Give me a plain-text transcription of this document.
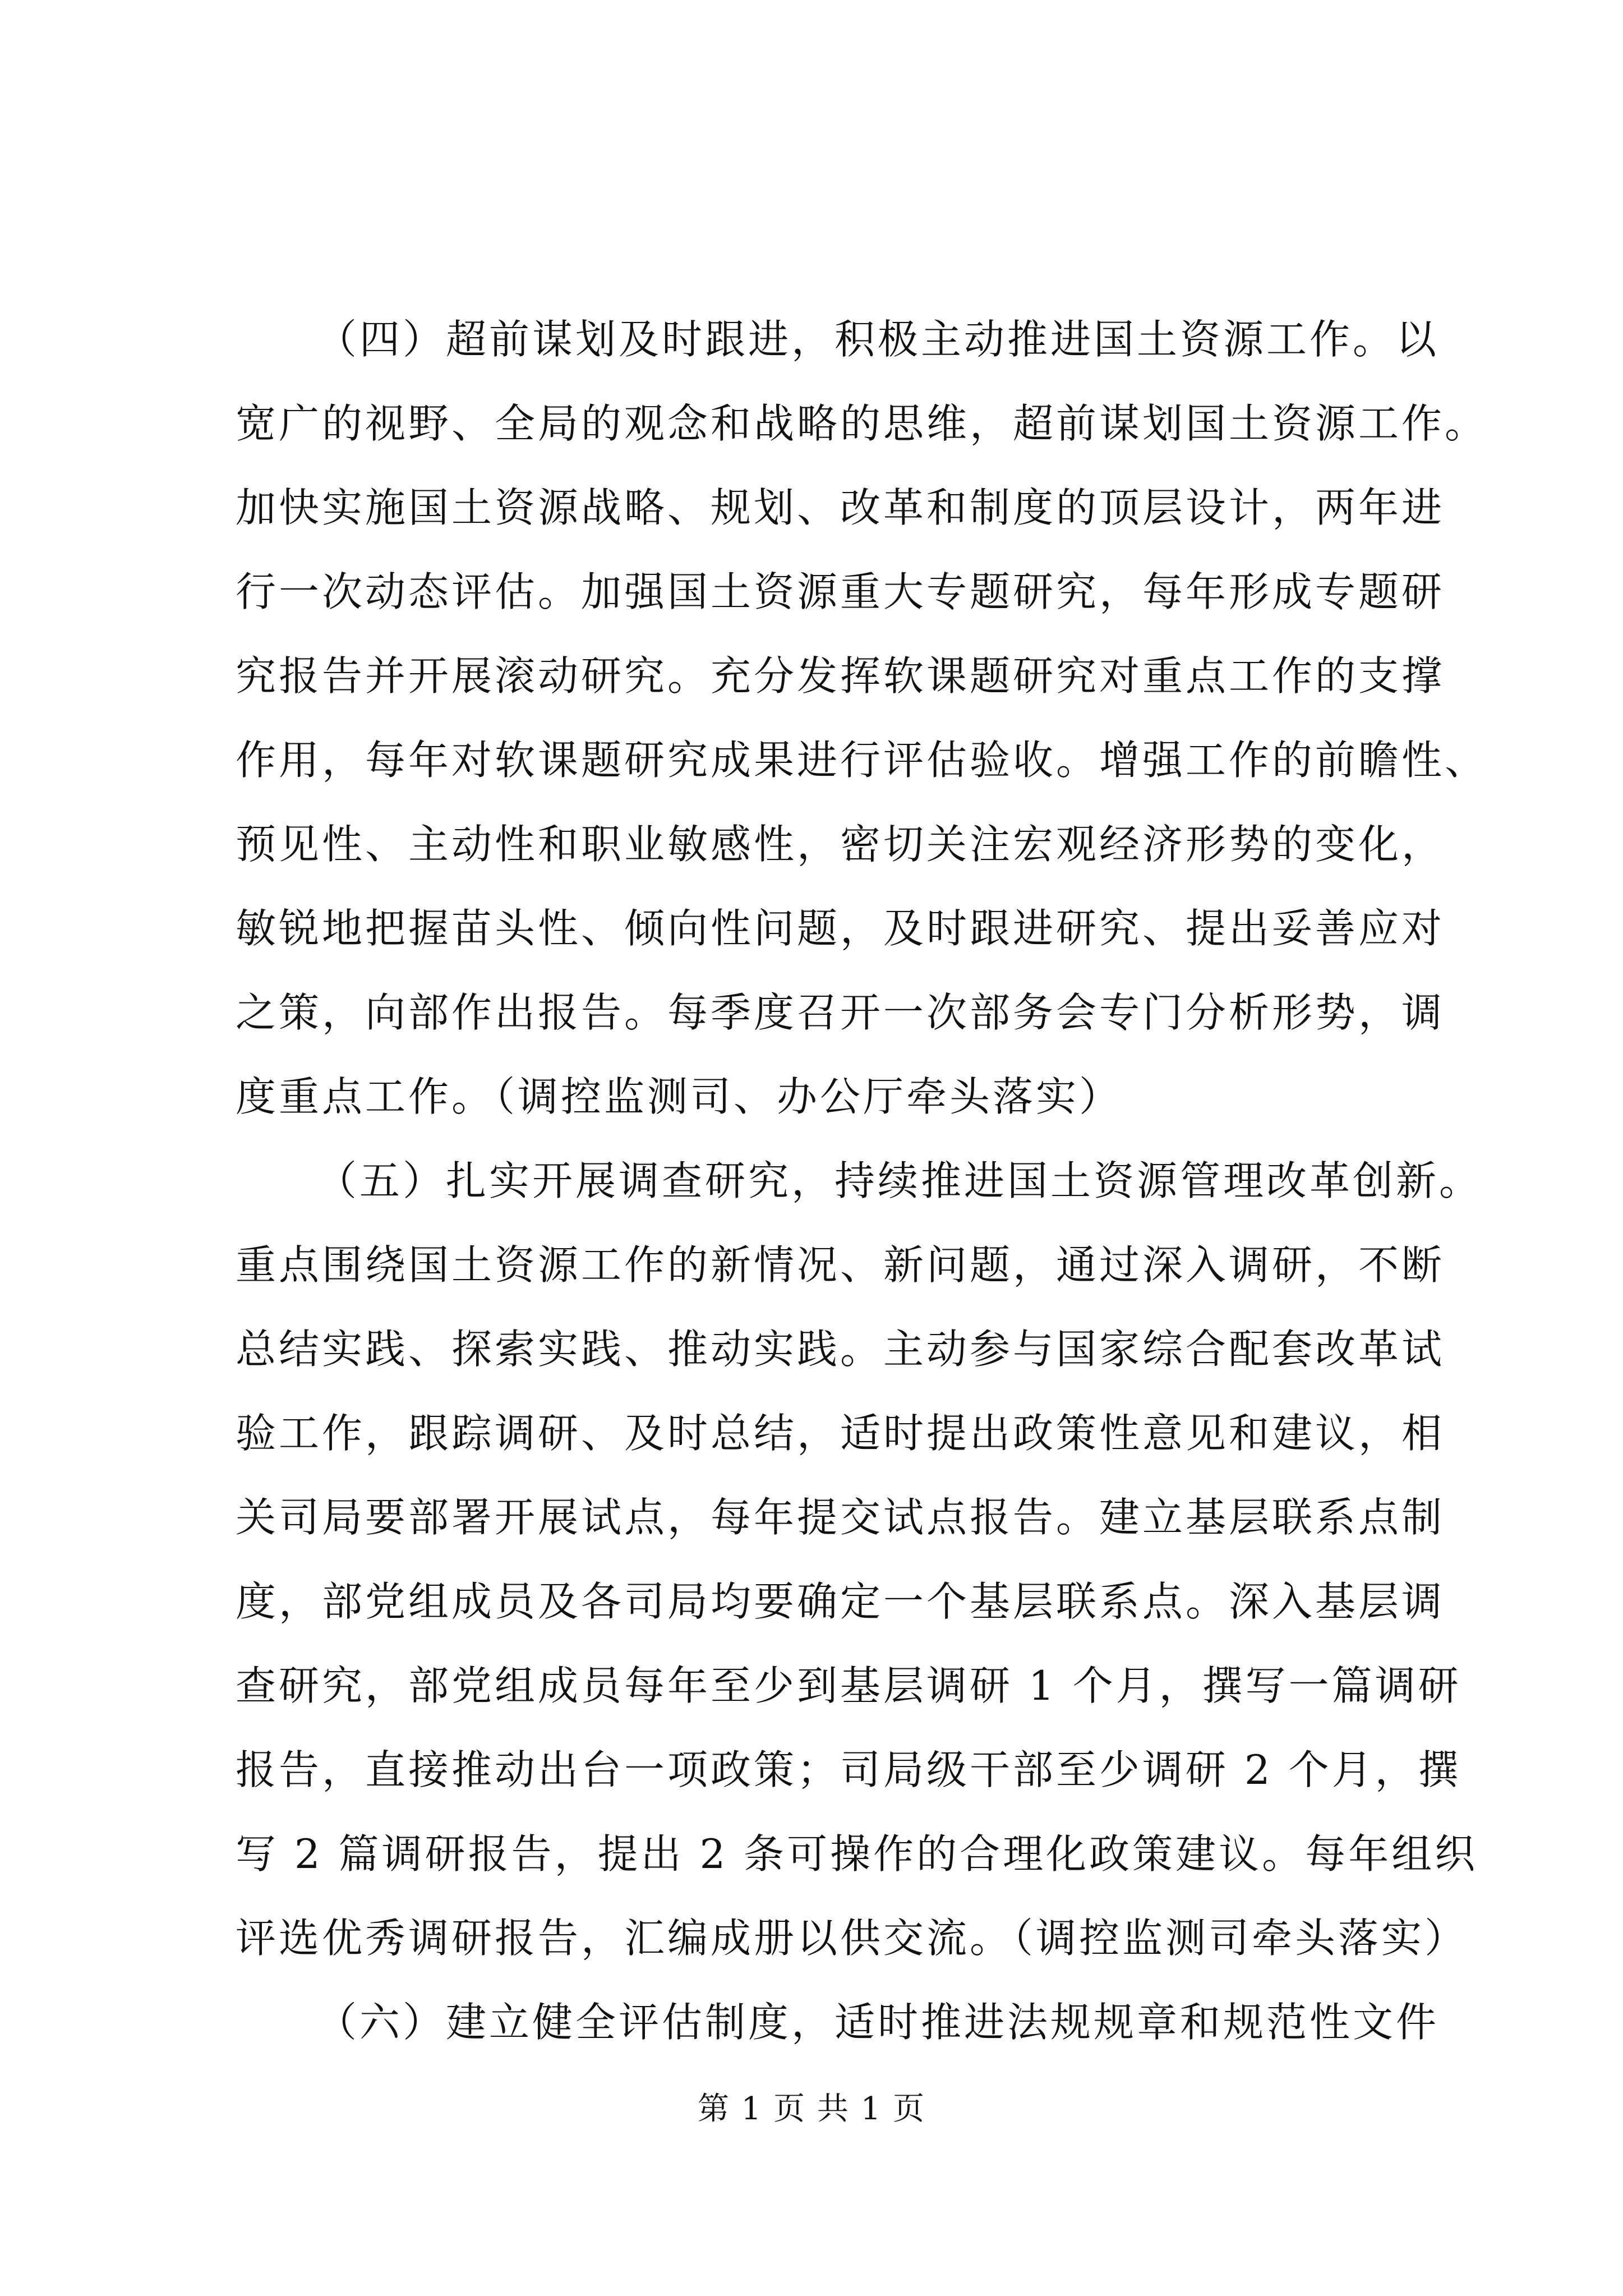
（四）超前谋划及时跟进，积极主动推进国土资源工作。以
宽广的视野、全局的观念和战略的思维，超前谋划国土资源工作。
加快实施国土资源战略、规划、改革和制度的顶层设计，两年进
行一次动态评估。加强国土资源重大专题研究，每年形成专题研
究报告并开展滚动研究。充分发挥软课题研究对重点工作的支撑
作用，每年对软课题研究成果进行评估验收。增强工作的前瞻性、
预见性、主动性和职业敏感性，密切关注宏观经济形势的变化，
敏锐地把握苗头性、倾向性问题，及时跟进研究、提出妥善应对
之策，向部作出报告。每季度召开一次部务会专门分析形势，调
度重点工作。（调控监测司、办公厅牵头落实）
（五）扎实开展调查研究，持续推进国土资源管理改革创新。
重点围绕国土资源工作的新情况、新问题，通过深入调研，不断
总结实践、探索实践、推动实践。主动参与国家综合配套改革试
验工作，跟踪调研、及时总结，适时提出政策性意见和建议，相
关司局要部署开展试点，每年提交试点报告。建立基层联系点制
度，部党组成员及各司局均要确定一个基层联系点。深入基层调
查研究，部党组成员每年至少到基层调研 1 个月，撰写一篇调研
报告，直接推动出台一项政策；司局级干部至少调研 2 个月，撰
写 2 篇调研报告，提出 2 条可操作的合理化政策建议。每年组织
评选优秀调研报告，汇编成册以供交流。（调控监测司牵头落实）
（六）建立健全评估制度，适时推进法规规章和规范性文件
第 1 页 共 1 页
